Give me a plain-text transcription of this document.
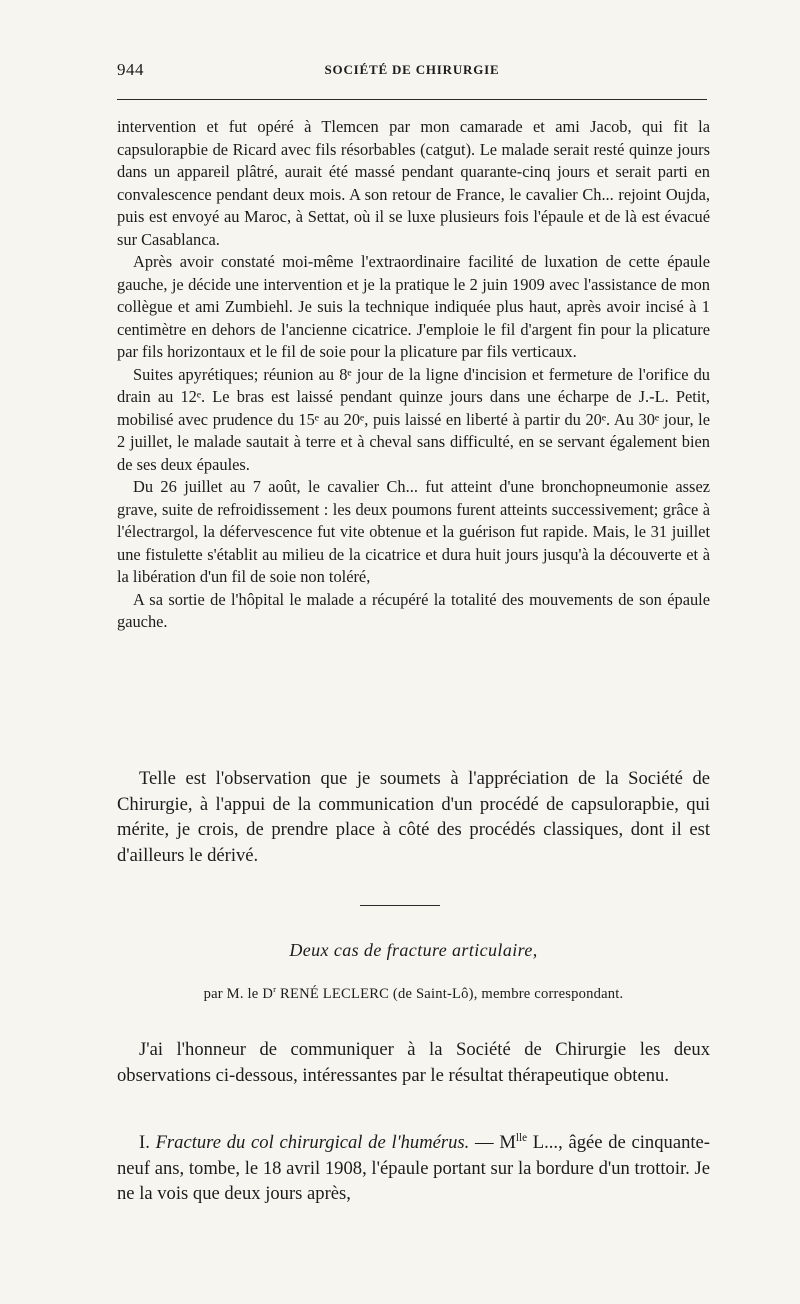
944	SOCIÉTÉ DE CHIRURGIE

intervention et fut opéré à Tlemcen par mon camarade et ami Jacob, qui fit la capsulorapbie de Ricard avec fils résorbables (catgut). Le malade serait resté quinze jours dans un appareil plâtré, aurait été massé pendant quarante-cinq jours et serait parti en convalescence pendant deux mois. A son retour de France, le cavalier Ch... rejoint Oujda, puis est envoyé au Maroc, à Settat, où il se luxe plusieurs fois l'épaule et de là est évacué sur Casablanca.

Après avoir constaté moi-même l'extraordinaire facilité de luxation de cette épaule gauche, je décide une intervention et je la pratique le 2 juin 1909 avec l'assistance de mon collègue et ami Zumbiehl. Je suis la technique indiquée plus haut, après avoir incisé à 1 centimètre en dehors de l'ancienne cicatrice. J'emploie le fil d'argent fin pour la plicature par fils horizontaux et le fil de soie pour la plicature par fils verticaux.

Suites apyrétiques; réunion au 8ᵉ jour de la ligne d'incision et fermeture de l'orifice du drain au 12ᵉ. Le bras est laissé pendant quinze jours dans une écharpe de J.-L. Petit, mobilisé avec prudence du 15ᵉ au 20ᵉ, puis laissé en liberté à partir du 20ᵉ. Au 30ᵉ jour, le 2 juillet, le malade sautait à terre et à cheval sans difficulté, en se servant également bien de ses deux épaules.

Du 26 juillet au 7 août, le cavalier Ch... fut atteint d'une bronchopneumonie assez grave, suite de refroidissement : les deux poumons furent atteints successivement; grâce à l'électrargol, la défervescence fut vite obtenue et la guérison fut rapide. Mais, le 31 juillet une fistulette s'établit au milieu de la cicatrice et dura huit jours jusqu'à la découverte et à la libération d'un fil de soie non toléré,

A sa sortie de l'hôpital le malade a récupéré la totalité des mouvements de son épaule gauche.

Telle est l'observation que je soumets à l'appréciation de la Société de Chirurgie, à l'appui de la communication d'un procédé de capsulorapbie, qui mérite, je crois, de prendre place à côté des procédés classiques, dont il est d'ailleurs le dérivé.

Deux cas de fracture articulaire,
par M. le $D^r$ RENÉ LECLERC (de Saint-Lô), membre correspondant.

J'ai l'honneur de communiquer à la Société de Chirurgie les deux observations ci-dessous, intéressantes par le résultat thérapeutique obtenu.

I. Fracture du col chirurgical de l'humérus. — $M^{lle}$ L..., âgée de cinquante-neuf ans, tombe, le 18 avril 1908, l'épaule portant sur la bordure d'un trottoir. Je ne la vois que deux jours après,
